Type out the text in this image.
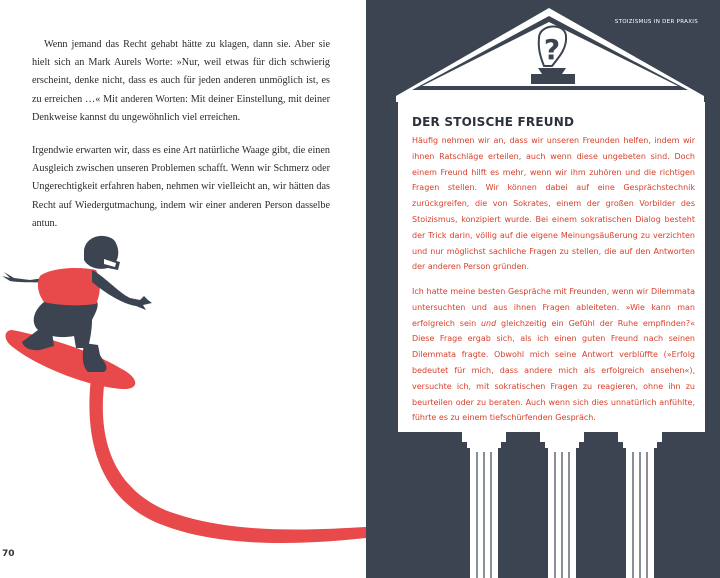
Wenn jemand das Recht gehabt hätte zu klagen, dann sie. Aber sie hielt sich an Mark Aurels Worte: »Nur, weil etwas für dich schwierig erscheint, denke nicht, dass es auch für jeden anderen unmöglich ist, es zu erreichen …« Mit anderen Worten: Mit deiner Einstellung, mit deiner Denkweise kannst du ungewöhnlich viel erreichen.

Irgendwie erwarten wir, dass es eine Art natürliche Waage gibt, die einen Ausgleich zwischen unseren Problemen schafft. Wenn wir Schmerz oder Ungerechtigkeit erfahren haben, nehmen wir vielleicht an, wir hätten das Recht auf Wiedergutmachung, indem wir einer anderen Person dasselbe antun.

70
?
STOIZISMUS IN DER PRAXIS
DER STOISCHE FREUND

Häufig nehmen wir an, dass wir unseren Freunden helfen, indem wir ihnen Ratschläge erteilen, auch wenn diese ungebeten sind. Doch einem Freund hilft es mehr, wenn wir ihm zuhören und die richtigen Fragen stellen. Wir können dabei auf eine Gesprächstechnik zurückgreifen, die von Sokrates, einem der großen Vorbilder des Stoizismus, konzipiert wurde. Bei einem sokratischen Dialog besteht der Trick darin, völlig auf die eigene Meinungsäußerung zu verzichten und nur möglichst sachliche Fragen zu stellen, die auf den Antworten der anderen Person gründen.

Ich hatte meine besten Gespräche mit Freunden, wenn wir Dilemmata untersuchten und aus ihnen Fragen ableiteten. »Wie kann man erfolgreich sein und gleichzeitig ein Gefühl der Ruhe empfinden?« Diese Frage ergab sich, als ich einen guten Freund nach seinen Dilemmata fragte. Obwohl mich seine Antwort verblüffte (»Erfolg bedeutet für mich, dass andere mich als erfolgreich ansehen«), versuchte ich, mit sokratischen Fragen zu reagieren, ohne ihn zu beurteilen oder zu beraten. Auch wenn sich dies unnatürlich anfühlte, führte es zu einem tiefschürfenden Gespräch.
